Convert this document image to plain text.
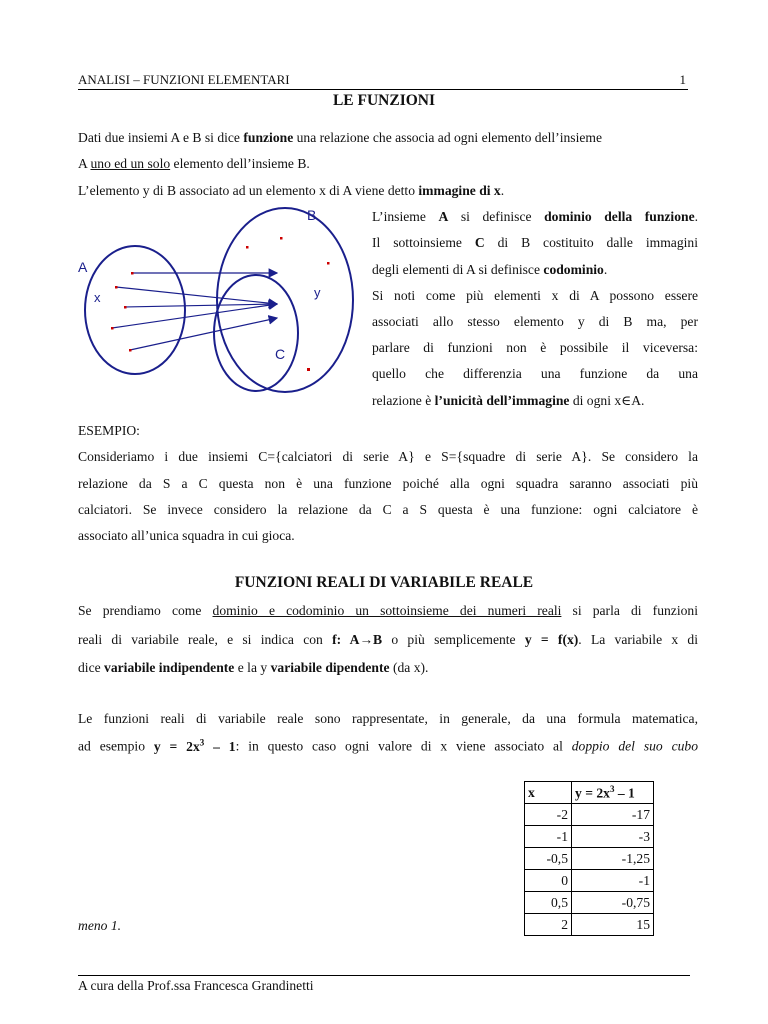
ANALISI – FUNZIONI ELEMENTARI	1
LE FUNZIONI
Dati due insiemi A e B si dice funzione una relazione che associa ad ogni elemento dell’insieme
A uno ed un solo elemento dell’insieme B.
L’elemento y di B associato ad un elemento x di A viene detto immagine di x.
A
B
C
x	y
L’insieme A si definisce dominio della funzione.
Il sottoinsieme C di B costituito dalle immagini
degli elementi di A si definisce codominio.
Si noti come più elementi x di A possono essere
associati allo stesso elemento y di B ma, per
parlare di funzioni non è possibile il viceversa:
quello che differenzia una funzione da una
relazione è l’unicità dell’immagine di ogni x∈A.
ESEMPIO:
Consideriamo i due insiemi C={calciatori di serie A} e S={squadre di serie A}. Se considero la
relazione da S a C questa non è una funzione poiché alla ogni squadra saranno associati più
calciatori. Se invece considero la relazione da C a S questa è una funzione: ogni calciatore è
associato all’unica squadra in cui gioca.
FUNZIONI REALI DI VARIABILE REALE
Se prendiamo come dominio e codominio un sottoinsieme dei numeri reali si parla di funzioni
reali di variabile reale, e si indica con f: A→B o più semplicemente y = f(x). La variabile x di
dice variabile indipendente e la y variabile dipendente (da x).
Le funzioni reali di variabile reale sono rappresentate, in generale, da una formula matematica,
ad esempio $y = 2x^3 - 1$: in questo caso ogni valore di x viene associato al doppio del suo cubo
x	$y = 2x^3 - 1$
-2	-17
-1	-3
-0,5	-1,25
0	-1
0,5	-0,75
2	15
meno 1.
A cura della Prof.ssa Francesca Grandinetti
